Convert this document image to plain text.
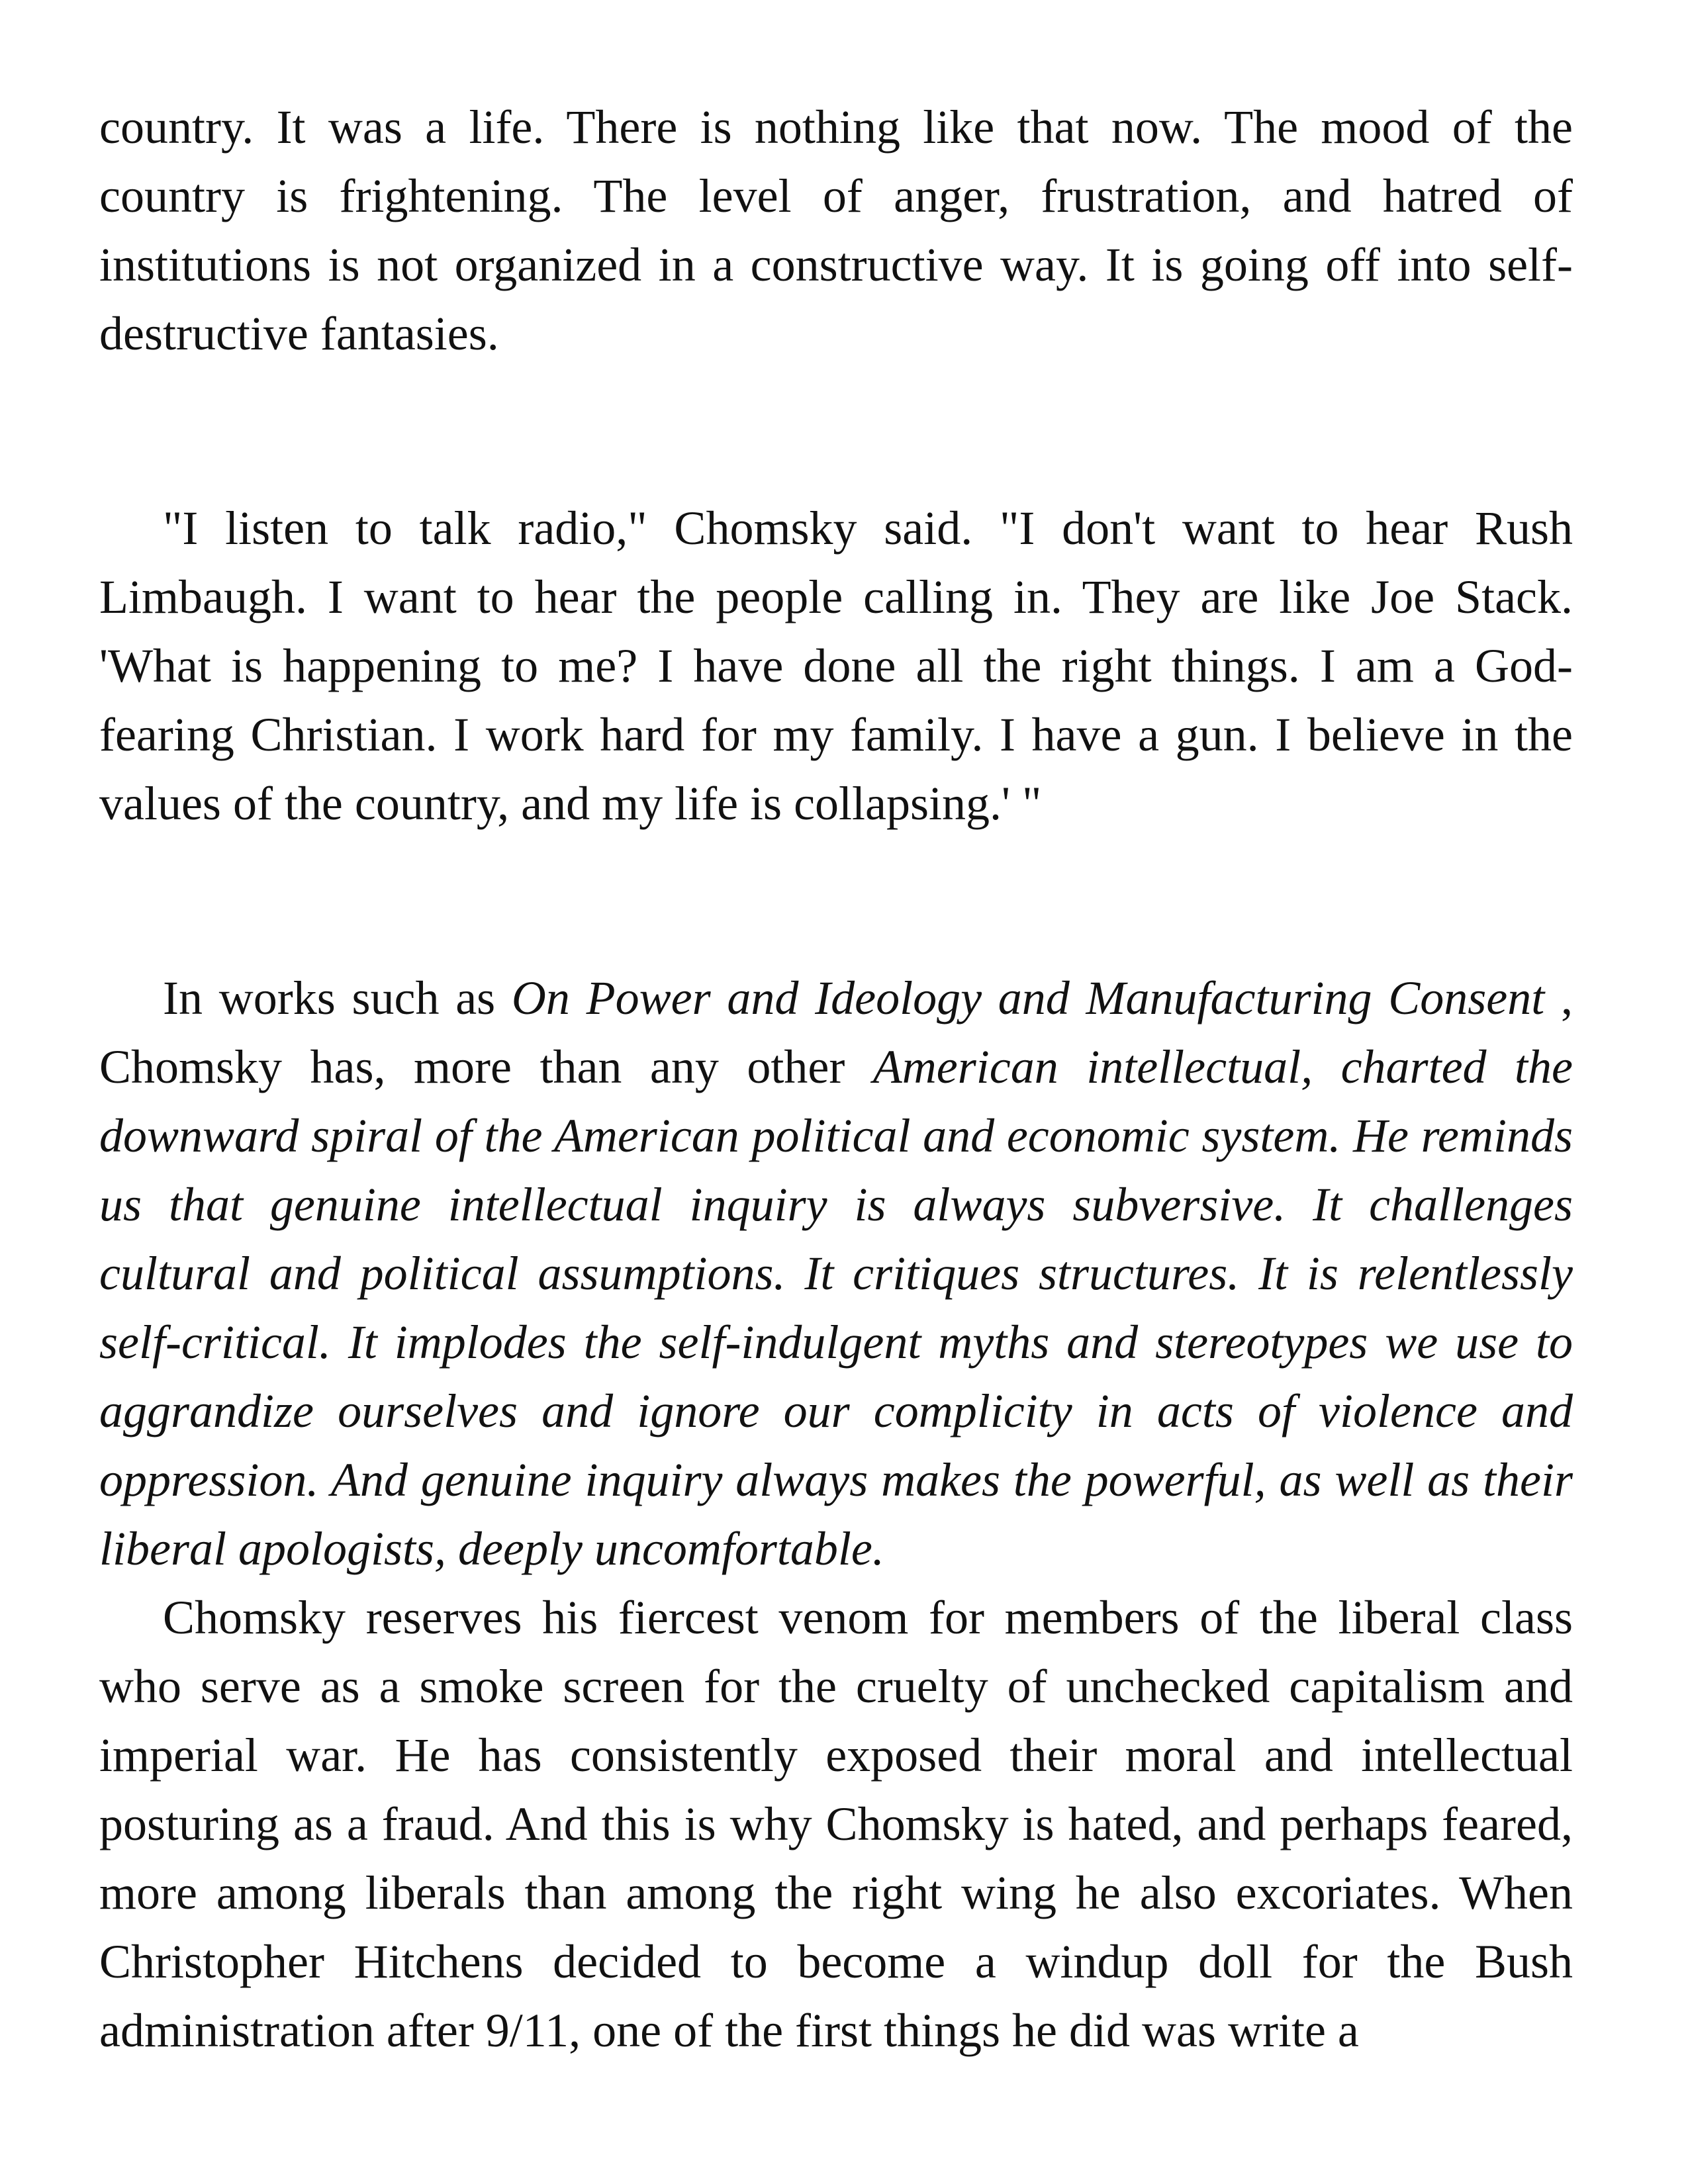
country. It was a life. There is nothing like that now. The mood of the country is frightening. The level of anger, frustration, and hatred of institutions is not organized in a constructive way. It is going off into self-destructive fantasies.

"I listen to talk radio," Chomsky said. "I don't want to hear Rush Limbaugh. I want to hear the people calling in. They are like Joe Stack. 'What is happening to me? I have done all the right things. I am a God-fearing Christian. I work hard for my family. I have a gun. I believe in the values of the country, and my life is collapsing.' "

In works such as On Power and Ideology and Manufacturing Consent , Chomsky has, more than any other American intellectual, charted the downward spiral of the American political and economic system. He reminds us that genuine intellectual inquiry is always subversive. It challenges cultural and political assumptions. It critiques structures. It is relentlessly self-critical. It implodes the self-indulgent myths and stereotypes we use to aggrandize ourselves and ignore our complicity in acts of violence and oppression. And genuine inquiry always makes the powerful, as well as their liberal apologists, deeply uncomfortable.

Chomsky reserves his fiercest venom for members of the liberal class who serve as a smoke screen for the cruelty of unchecked capitalism and imperial war. He has consistently exposed their moral and intellectual posturing as a fraud. And this is why Chomsky is hated, and perhaps feared, more among liberals than among the right wing he also excoriates. When Christopher Hitchens decided to become a windup doll for the Bush administration after 9/11, one of the first things he did was write a
